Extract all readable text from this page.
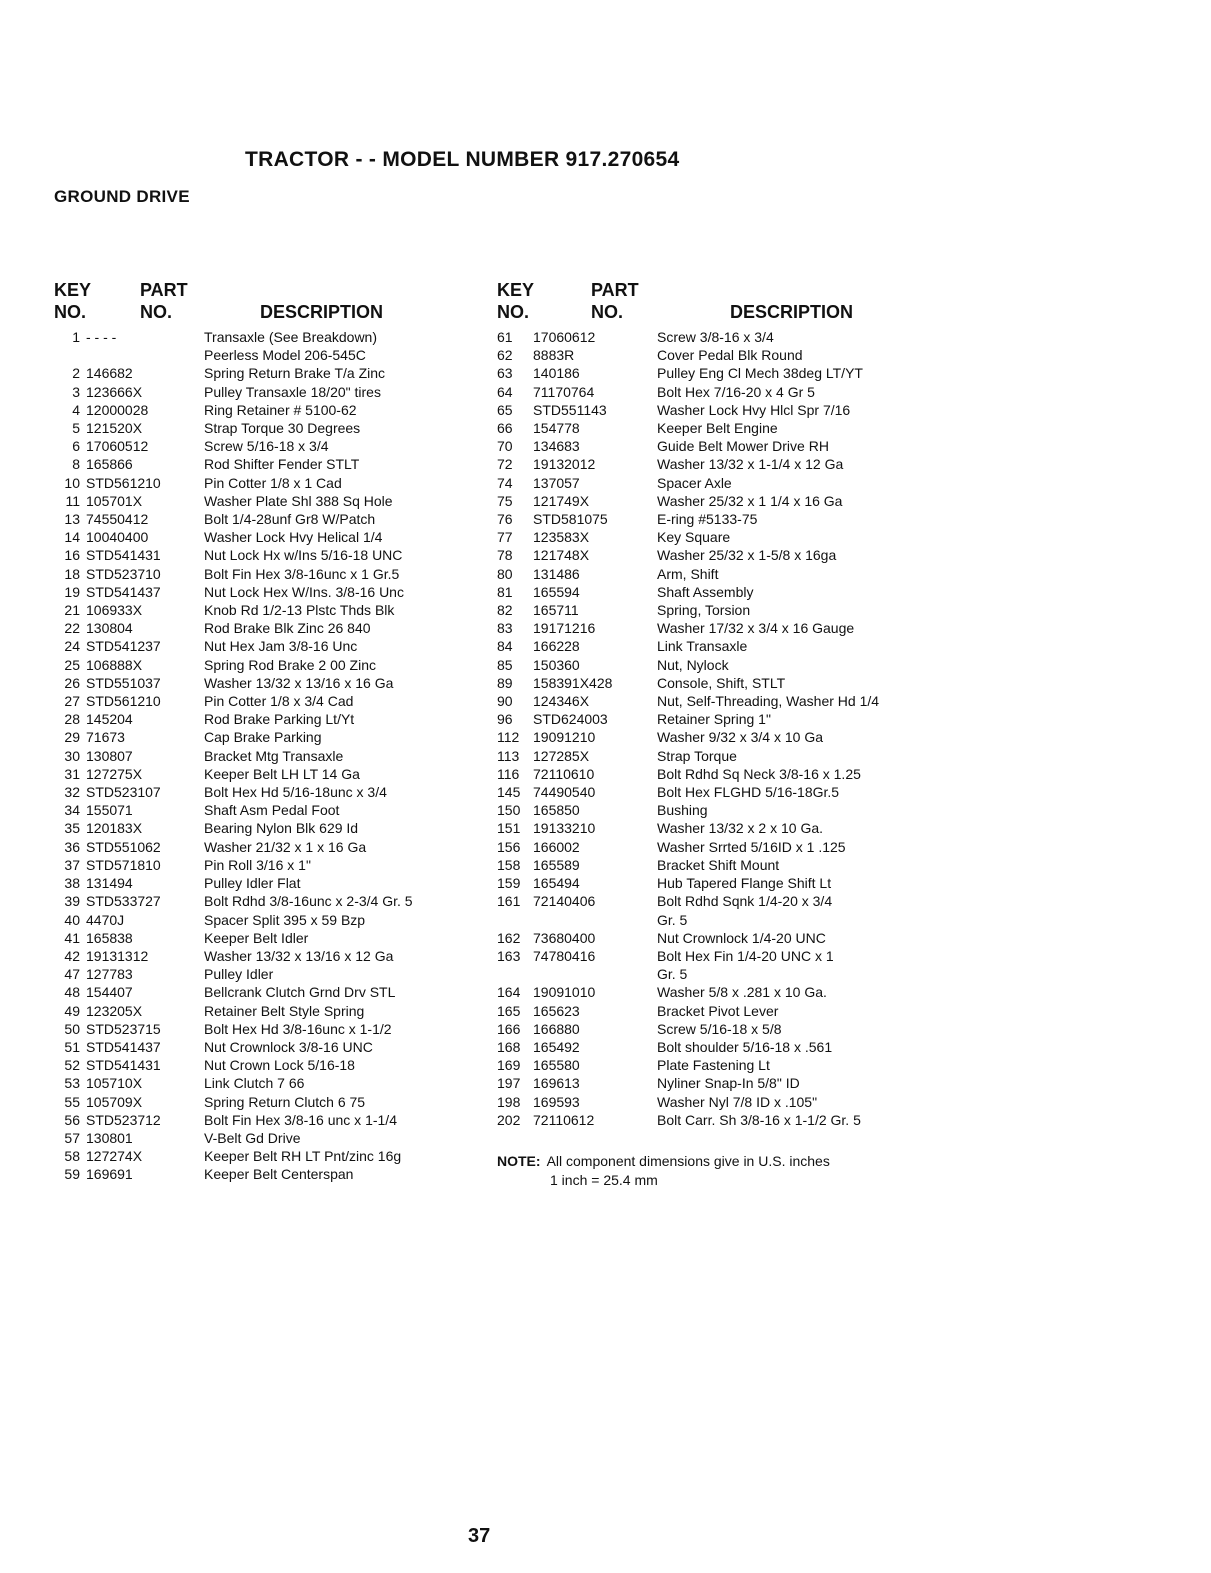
TRACTOR - - MODEL NUMBER 917.270654
GROUND DRIVE
KEY
NO.
PART
NO.	DESCRIPTION
1 - - - -	Transaxle (See Breakdown)
Peerless Model 206-545C
2 146682	Spring Return Brake T/a Zinc
3 123666X	Pulley Transaxle 18/20" tires
4 12000028	Ring Retainer # 5100-62
5 121520X	Strap Torque 30 Degrees
6 17060512	Screw 5/16-18 x 3/4
8 165866	Rod Shifter Fender STLT
10 STD561210	Pin Cotter 1/8 x 1 Cad
11 105701X	Washer Plate Shl 388 Sq Hole
13 74550412	Bolt 1/4-28unf Gr8 W/Patch
14 10040400	Washer Lock Hvy Helical 1/4
16 STD541431	Nut Lock Hx w/Ins 5/16-18 UNC
18 STD523710	Bolt Fin Hex 3/8-16unc x 1 Gr.5
19 STD541437	Nut Lock Hex W/Ins. 3/8-16 Unc
21 106933X	Knob Rd 1/2-13 Plstc Thds Blk
22 130804	Rod Brake Blk Zinc 26 840
24 STD541237	Nut Hex Jam 3/8-16 Unc
25 106888X	Spring Rod Brake 2 00 Zinc
26 STD551037	Washer 13/32 x 13/16 x 16 Ga
27 STD561210	Pin Cotter 1/8 x 3/4 Cad
28 145204	Rod Brake Parking Lt/Yt
29 71673	Cap Brake Parking
30 130807	Bracket Mtg Transaxle
31 127275X	Keeper Belt LH LT 14 Ga
32 STD523107	Bolt Hex Hd 5/16-18unc x 3/4
34 155071	Shaft Asm Pedal Foot
35 120183X	Bearing Nylon Blk 629 Id
36 STD551062	Washer 21/32 x 1 x 16 Ga
37 STD571810	Pin Roll 3/16 x 1"
38 131494	Pulley Idler Flat
39 STD533727	Bolt Rdhd 3/8-16unc x 2-3/4 Gr. 5
40 4470J	Spacer Split 395 x 59 Bzp
41 165838	Keeper Belt Idler
42 19131312	Washer 13/32 x 13/16 x 12 Ga
47 127783	Pulley Idler
48 154407	Bellcrank Clutch Grnd Drv STL
49 123205X	Retainer Belt Style Spring
50 STD523715	Bolt Hex Hd 3/8-16unc x 1-1/2
51 STD541437	Nut Crownlock 3/8-16 UNC
52 STD541431	Nut Crown Lock 5/16-18
53 105710X	Link Clutch 7 66
55 105709X	Spring Return Clutch 6 75
56 STD523712	Bolt Fin Hex 3/8-16 unc x 1-1/4
57 130801	V-Belt Gd Drive
58 127274X	Keeper Belt RH LT Pnt/zinc 16g
59 169691	Keeper Belt Centerspan
KEY
NO.
PART
NO.	DESCRIPTION
61	17060612	Screw 3/8-16 x 3/4
62	8883R	Cover Pedal Blk Round
63	140186	Pulley Eng Cl Mech 38deg LT/YT
64	71170764	Bolt Hex 7/16-20 x 4 Gr 5
65	STD551143	Washer Lock Hvy Hlcl Spr 7/16
66	154778	Keeper Belt Engine
70	134683	Guide Belt Mower Drive RH
72	19132012	Washer 13/32 x 1-1/4 x 12 Ga
74	137057	Spacer Axle
75	121749X	Washer 25/32 x 1 1/4 x 16 Ga
76	STD581075	E-ring #5133-75
77	123583X	Key Square
78	121748X	Washer 25/32 x 1-5/8 x 16ga
80	131486	Arm, Shift
81	165594	Shaft Assembly
82	165711	Spring, Torsion
83	19171216	Washer 17/32 x 3/4 x 16 Gauge
84	166228	Link Transaxle
85	150360	Nut, Nylock
89	158391X428	Console, Shift, STLT
90	124346X	Nut, Self-Threading, Washer Hd 1/4
96	STD624003	Retainer Spring 1"
112 19091210	Washer 9/32 x 3/4 x 10 Ga
113 127285X	Strap Torque
116 72110610	Bolt Rdhd Sq Neck 3/8-16 x 1.25
145 74490540	Bolt Hex FLGHD 5/16-18Gr.5
150 165850	Bushing
151 19133210	Washer 13/32 x 2 x 10 Ga.
156 166002	Washer Srrted 5/16ID x 1 .125
158 165589	Bracket Shift Mount
159 165494	Hub Tapered Flange Shift Lt
161 72140406	Bolt Rdhd Sqnk 1/4-20 x 3/4
Gr. 5
162 73680400	Nut Crownlock 1/4-20 UNC
163 74780416	Bolt Hex Fin 1/4-20 UNC x 1
Gr. 5
164 19091010	Washer 5/8 x .281 x 10 Ga.
165 165623	Bracket Pivot Lever
166 166880	Screw 5/16-18 x 5/8
168 165492	Bolt shoulder 5/16-18 x .561
169 165580	Plate Fastening Lt
197 169613	Nyliner Snap-In 5/8" ID
198 169593	Washer Nyl 7/8 ID x .105"
202 72110612	Bolt Carr. Sh 3/8-16 x 1-1/2 Gr. 5
NOTE: All component dimensions give in U.S. inches
1 inch = 25.4 mm
37
